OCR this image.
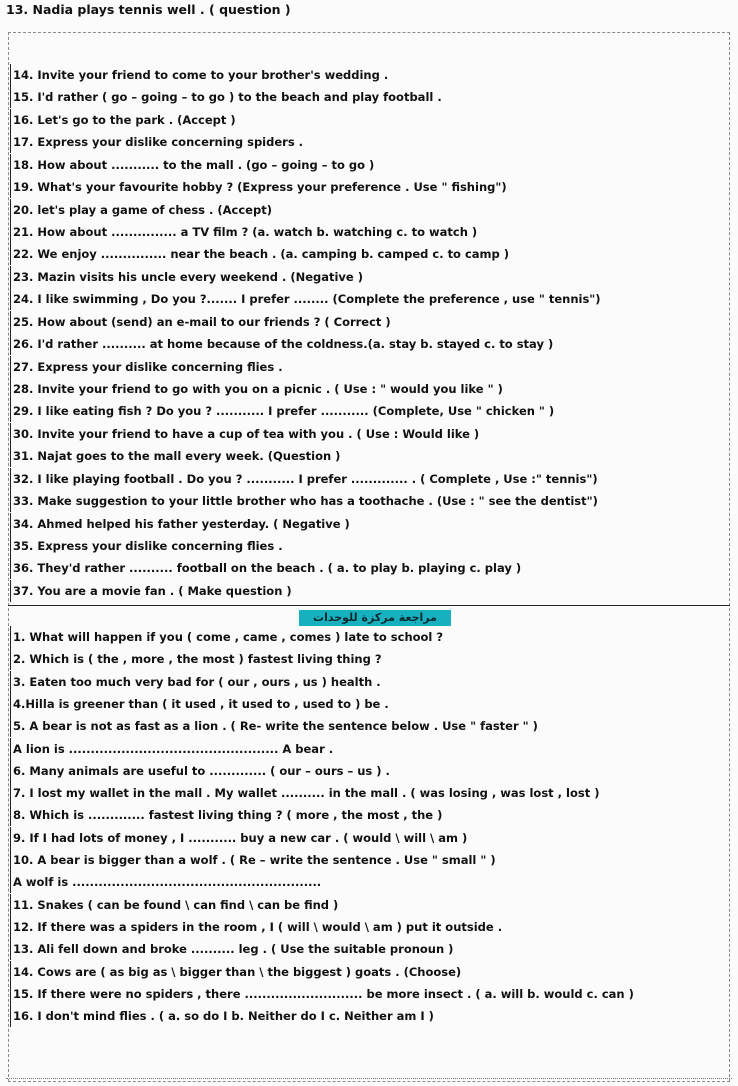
13. Nadia plays tennis well . ( question )
مراجعة مركزة للوحدات
14. Invite your friend to come to your brother's wedding .
15. I'd rather ( go – going – to go ) to the beach and play football .
16. Let's go to the park . (Accept )
17. Express your dislike concerning spiders .
18. How about ........... to the mall . (go – going – to go )
19. What's your favourite hobby ? (Express your preference . Use " fishing")
20. let's play a game of chess . (Accept)
21. How about ............... a TV film ? (a. watch b. watching c. to watch )
22. We enjoy ............... near the beach . (a. camping b. camped c. to camp )
23. Mazin visits his uncle every weekend . (Negative )
24. I like swimming , Do you ?....... I prefer ........ (Complete the preference , use " tennis")
25. How about (send) an e-mail to our friends ? ( Correct )
26. I'd rather .......... at home because of the coldness.(a. stay b. stayed c. to stay )
27. Express your dislike concerning flies .
28. Invite your friend to go with you on a picnic . ( Use : " would you like " )
29. I like eating fish ? Do you ? ........... I prefer ........... (Complete, Use " chicken " )
30. Invite your friend to have a cup of tea with you . ( Use : Would like )
31. Najat goes to the mall every week. (Question )
32. I like playing football . Do you ? ........... I prefer ............. . ( Complete , Use :" tennis")
33. Make suggestion to your little brother who has a toothache . (Use : " see the dentist")
34. Ahmed helped his father yesterday. ( Negative )
35. Express your dislike concerning flies .
36. They'd rather .......... football on the beach . ( a. to play b. playing c. play )
37. You are a movie fan . ( Make question )
1. What will happen if you ( come , came , comes ) late to school ?
2. Which is ( the , more , the most ) fastest living thing ?
3. Eaten too much very bad for ( our , ours , us ) health .
4.Hilla is greener than ( it used , it used to , used to ) be .
5. A bear is not as fast as a lion . ( Re- write the sentence below . Use " faster " )
A lion is ................................................ A bear .
6. Many animals are useful to ............. ( our – ours – us ) .
7. I lost my wallet in the mall . My wallet .......... in the mall . ( was losing , was lost , lost )
8. Which is ............. fastest living thing ? ( more , the most , the )
9. If I had lots of money , I ........... buy a new car . ( would \ will \ am )
10. A bear is bigger than a wolf . ( Re – write the sentence . Use " small " )
A wolf is .........................................................
11. Snakes ( can be found \ can find \ can be find )
12. If there was a spiders in the room , I ( will \ would \ am ) put it outside .
13. Ali fell down and broke .......... leg . ( Use the suitable pronoun )
14. Cows are ( as big as \ bigger than \ the biggest ) goats . (Choose)
15. If there were no spiders , there ........................... be more insect . ( a. will b. would c. can )
16. I don't mind flies . ( a. so do I b. Neither do I c. Neither am I )
